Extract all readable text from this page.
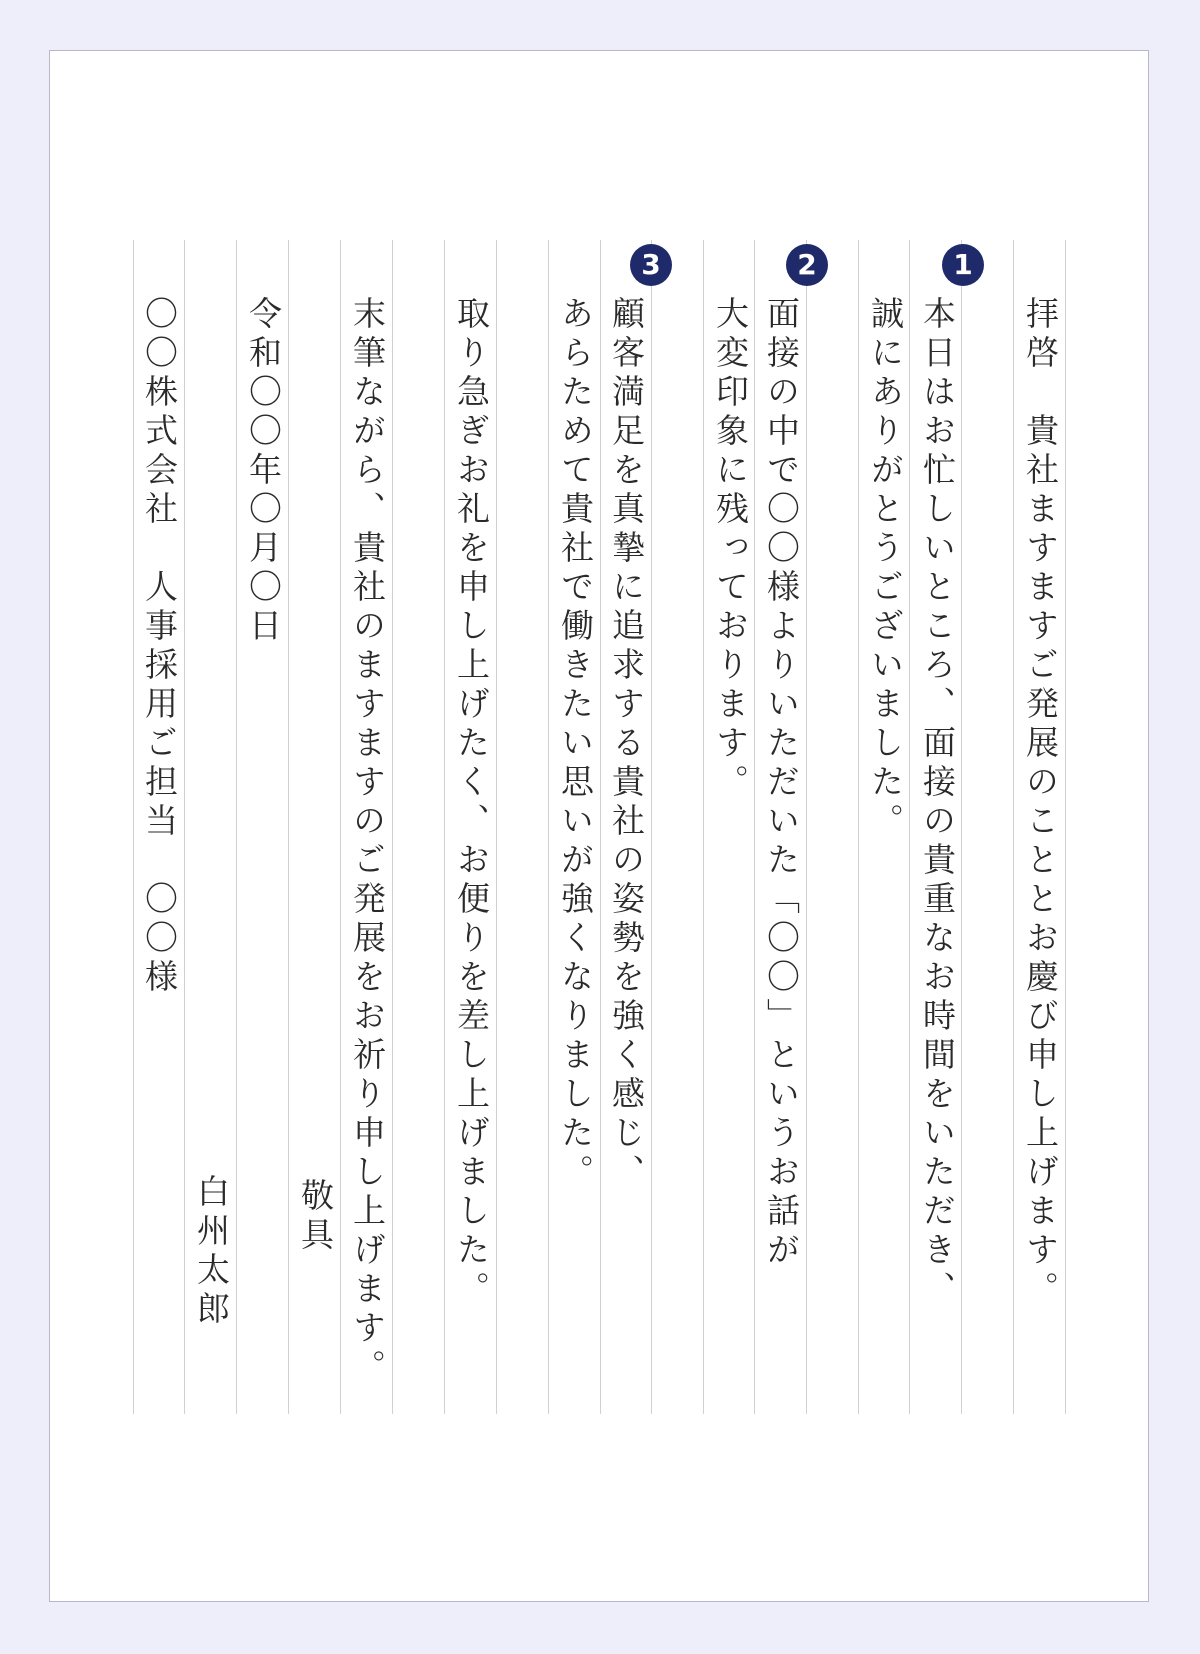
1
2
3
拝啓　貴社ますますご発展のこととお慶び申し上げます。
本日はお忙しいところ、面接の貴重なお時間をいただき、
誠にありがとうございました。
面接の中で〇〇様よりいただいた「〇〇」というお話が
大変印象に残っております。
顧客満足を真摯に追求する貴社の姿勢を強く感じ、
あらためて貴社で働きたい思いが強くなりました。
取り急ぎお礼を申し上げたく、お便りを差し上げました。
末筆ながら、貴社のますますのご発展をお祈り申し上げます。
敬具
令和〇〇年〇月〇日
白州太郎
〇〇株式会社　人事採用ご担当　〇〇様
